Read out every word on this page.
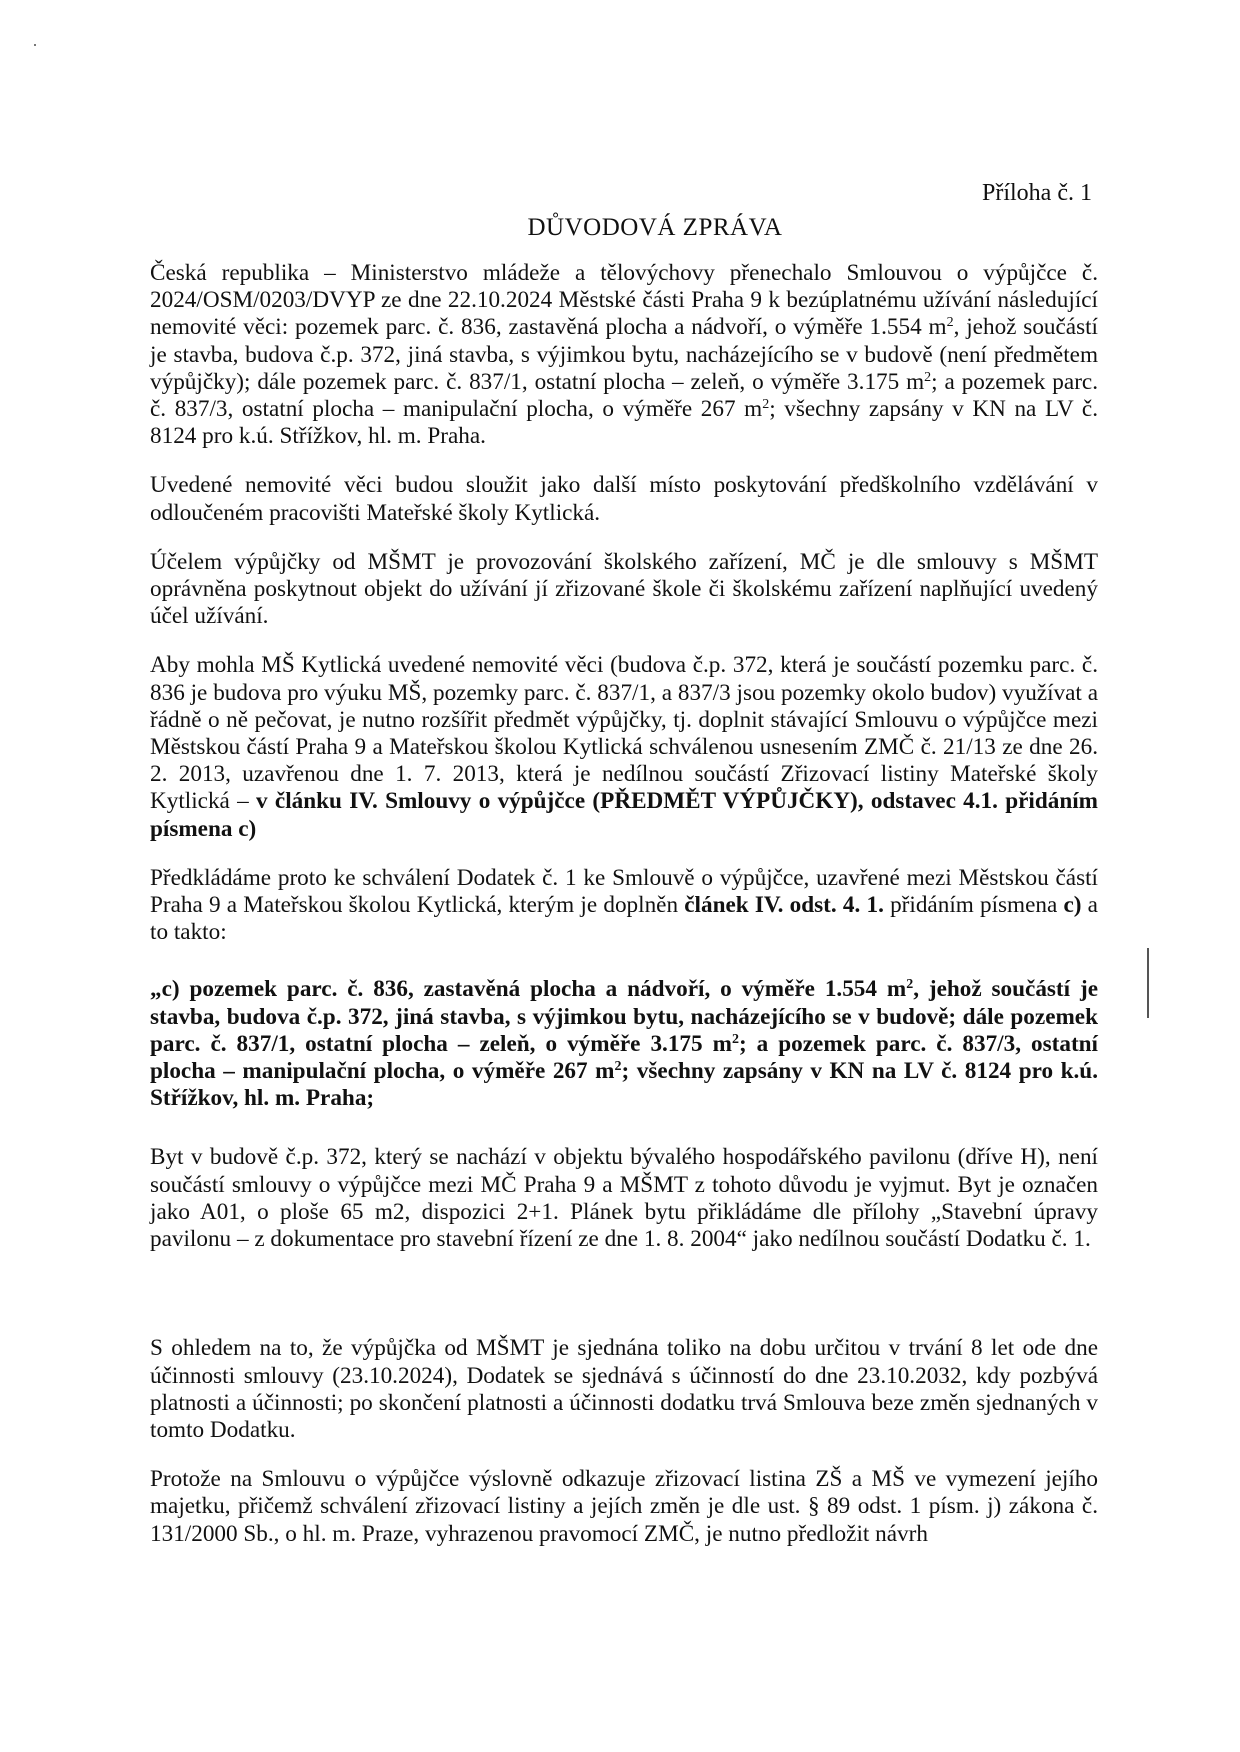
Příloha č. 1
DŮVODOVÁ ZPRÁVA

Česká republika – Ministerstvo mládeže a tělovýchovy přenechalo Smlouvou o výpůjčce č. 2024/OSM/0203/DVYP ze dne 22.10.2024 Městské části Praha 9 k bezúplatnému užívání následující nemovité věci: pozemek parc. č. 836, zastavěná plocha a nádvoří, o výměře 1.554 $m^2$, jehož součástí je stavba, budova č.p. 372, jiná stavba, s výjimkou bytu, nacházejícího se v budově (není předmětem výpůjčky); dále pozemek parc. č. 837/1, ostatní plocha – zeleň, o výměře 3.175 $m^2$; a pozemek parc. č. 837/3, ostatní plocha – manipulační plocha, o výměře 267 $m^2$; všechny zapsány v KN na LV č. 8124 pro k.ú. Střížkov, hl. m. Praha.

Uvedené nemovité věci budou sloužit jako další místo poskytování předškolního vzdělávání v odloučeném pracovišti Mateřské školy Kytlická.

Účelem výpůjčky od MŠMT je provozování školského zařízení, MČ je dle smlouvy s MŠMT oprávněna poskytnout objekt do užívání jí zřizované škole či školskému zařízení naplňující uvedený účel užívání.

Aby mohla MŠ Kytlická uvedené nemovité věci (budova č.p. 372, která je součástí pozemku parc. č. 836 je budova pro výuku MŠ, pozemky parc. č. 837/1, a 837/3 jsou pozemky okolo budov) využívat a řádně o ně pečovat, je nutno rozšířit předmět výpůjčky, tj. doplnit stávající Smlouvu o výpůjčce mezi Městskou částí Praha 9 a Mateřskou školou Kytlická schválenou usnesením ZMČ č. 21/13 ze dne 26. 2. 2013, uzavřenou dne 1. 7. 2013, která je nedílnou součástí Zřizovací listiny Mateřské školy Kytlická – v článku IV. Smlouvy o výpůjčce (PŘEDMĚT VÝPŮJČKY), odstavec 4.1. přidáním písmena c)

Předkládáme proto ke schválení Dodatek č. 1 ke Smlouvě o výpůjčce, uzavřené mezi Městskou částí Praha 9 a Mateřskou školou Kytlická, kterým je doplněn článek IV. odst. 4. 1. přidáním písmena c) a to takto:

„c) pozemek parc. č. 836, zastavěná plocha a nádvoří, o výměře 1.554 $m^2$, jehož součástí je stavba, budova č.p. 372, jiná stavba, s výjimkou bytu, nacházejícího se v budově; dále pozemek parc. č. 837/1, ostatní plocha – zeleň, o výměře 3.175 $m^2$; a pozemek parc. č. 837/3, ostatní plocha – manipulační plocha, o výměře 267 $m^2$; všechny zapsány v KN na LV č. 8124 pro k.ú. Střížkov, hl. m. Praha;

Byt v budově č.p. 372, který se nachází v objektu bývalého hospodářského pavilonu (dříve H), není součástí smlouvy o výpůjčce mezi MČ Praha 9 a MŠMT z tohoto důvodu je vyjmut. Byt je označen jako A01, o ploše 65 m2, dispozici 2+1. Plánek bytu přikládáme dle přílohy „Stavební úpravy pavilonu – z dokumentace pro stavební řízení ze dne 1. 8. 2004“ jako nedílnou součástí Dodatku č. 1.

S ohledem na to, že výpůjčka od MŠMT je sjednána toliko na dobu určitou v trvání 8 let ode dne účinnosti smlouvy (23.10.2024), Dodatek se sjednává s účinností do dne 23.10.2032, kdy pozbývá platnosti a účinnosti; po skončení platnosti a účinnosti dodatku trvá Smlouva beze změn sjednaných v tomto Dodatku.

Protože na Smlouvu o výpůjčce výslovně odkazuje zřizovací listina ZŠ a MŠ ve vymezení jejího majetku, přičemž schválení zřizovací listiny a jejích změn je dle ust. § 89 odst. 1 písm. j) zákona č. 131/2000 Sb., o hl. m. Praze, vyhrazenou pravomocí ZMČ, je nutno předložit návrh
